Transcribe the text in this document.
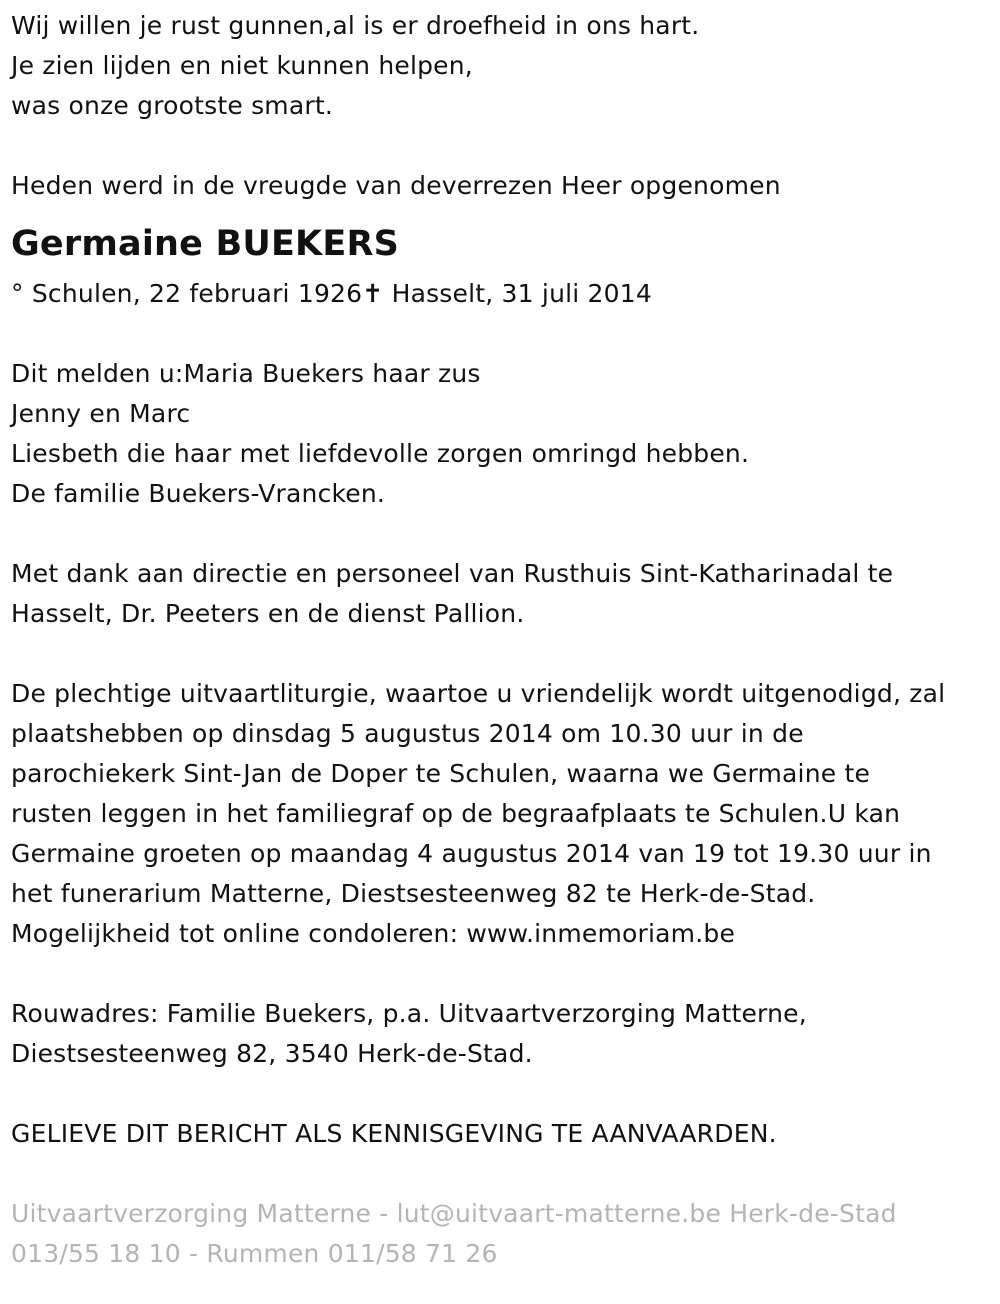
Wij willen je rust gunnen,al is er droefheid in ons hart.
Je zien lijden en niet kunnen helpen,
was onze grootste smart.
Heden werd in de vreugde van deverrezen Heer opgenomen
Germaine BUEKERS
° Schulen, 22 februari 1926✝ Hasselt, 31 juli 2014
Dit melden u:Maria Buekers haar zus
Jenny en Marc
Liesbeth die haar met liefdevolle zorgen omringd hebben.
De familie Buekers-Vrancken.
Met dank aan directie en personeel van Rusthuis Sint-Katharinadal te
Hasselt, Dr. Peeters en de dienst Pallion.
De plechtige uitvaartliturgie, waartoe u vriendelijk wordt uitgenodigd, zal
plaatshebben op dinsdag 5 augustus 2014 om 10.30 uur in de
parochiekerk Sint-Jan de Doper te Schulen, waarna we Germaine te
rusten leggen in het familiegraf op de begraafplaats te Schulen.U kan
Germaine groeten op maandag 4 augustus 2014 van 19 tot 19.30 uur in
het funerarium Matterne, Diestsesteenweg 82 te Herk-de-Stad.
Mogelijkheid tot online condoleren: www.inmemoriam.be
Rouwadres: Familie Buekers, p.a. Uitvaartverzorging Matterne,
Diestsesteenweg 82, 3540 Herk-de-Stad.
GELIEVE DIT BERICHT ALS KENNISGEVING TE AANVAARDEN.
Uitvaartverzorging Matterne - lut@uitvaart-matterne.be Herk-de-Stad
013/55 18 10 - Rummen 011/58 71 26
